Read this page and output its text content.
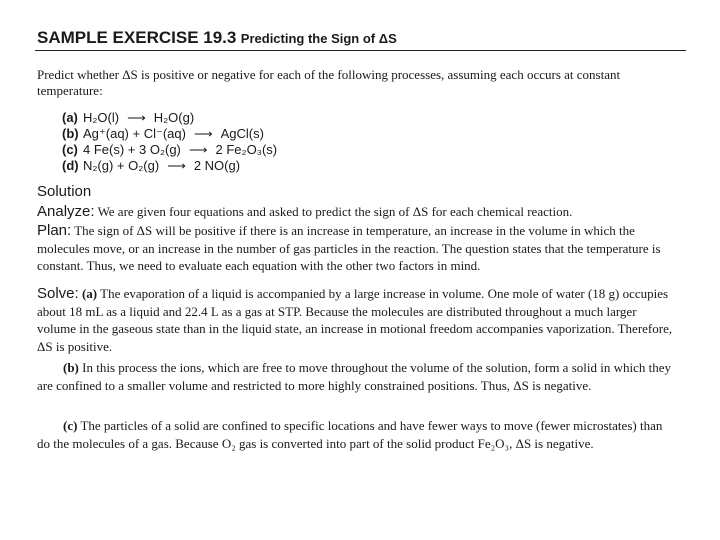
SAMPLE EXERCISE 19.3 Predicting the Sign of ΔS
Predict whether ΔS is positive or negative for each of the following processes, assuming each occurs at constant temperature:
(a) H₂O(l) ⟶ H₂O(g)
(b) Ag⁺(aq) + Cl⁻(aq) ⟶ AgCl(s)
(c) 4 Fe(s) + 3 O₂(g) ⟶ 2 Fe₂O₃(s)
(d) N₂(g) + O₂(g) ⟶ 2 NO(g)
Solution
Analyze: We are given four equations and asked to predict the sign of ΔS for each chemical reaction.
Plan: The sign of ΔS will be positive if there is an increase in temperature, an increase in the volume in which the molecules move, or an increase in the number of gas particles in the reaction. The question states that the temperature is constant. Thus, we need to evaluate each equation with the other two factors in mind.
Solve: (a) The evaporation of a liquid is accompanied by a large increase in volume. One mole of water (18 g) occupies about 18 mL as a liquid and 22.4 L as a gas at STP. Because the molecules are distributed throughout a much larger volume in the gaseous state than in the liquid state, an increase in motional freedom accompanies vaporization. Therefore, ΔS is positive.
(b) In this process the ions, which are free to move throughout the volume of the solution, form a solid in which they are confined to a smaller volume and restricted to more highly constrained positions. Thus, ΔS is negative.
(c) The particles of a solid are confined to specific locations and have fewer ways to move (fewer microstates) than do the molecules of a gas. Because O₂ gas is converted into part of the solid product Fe₂O₃, ΔS is negative.
